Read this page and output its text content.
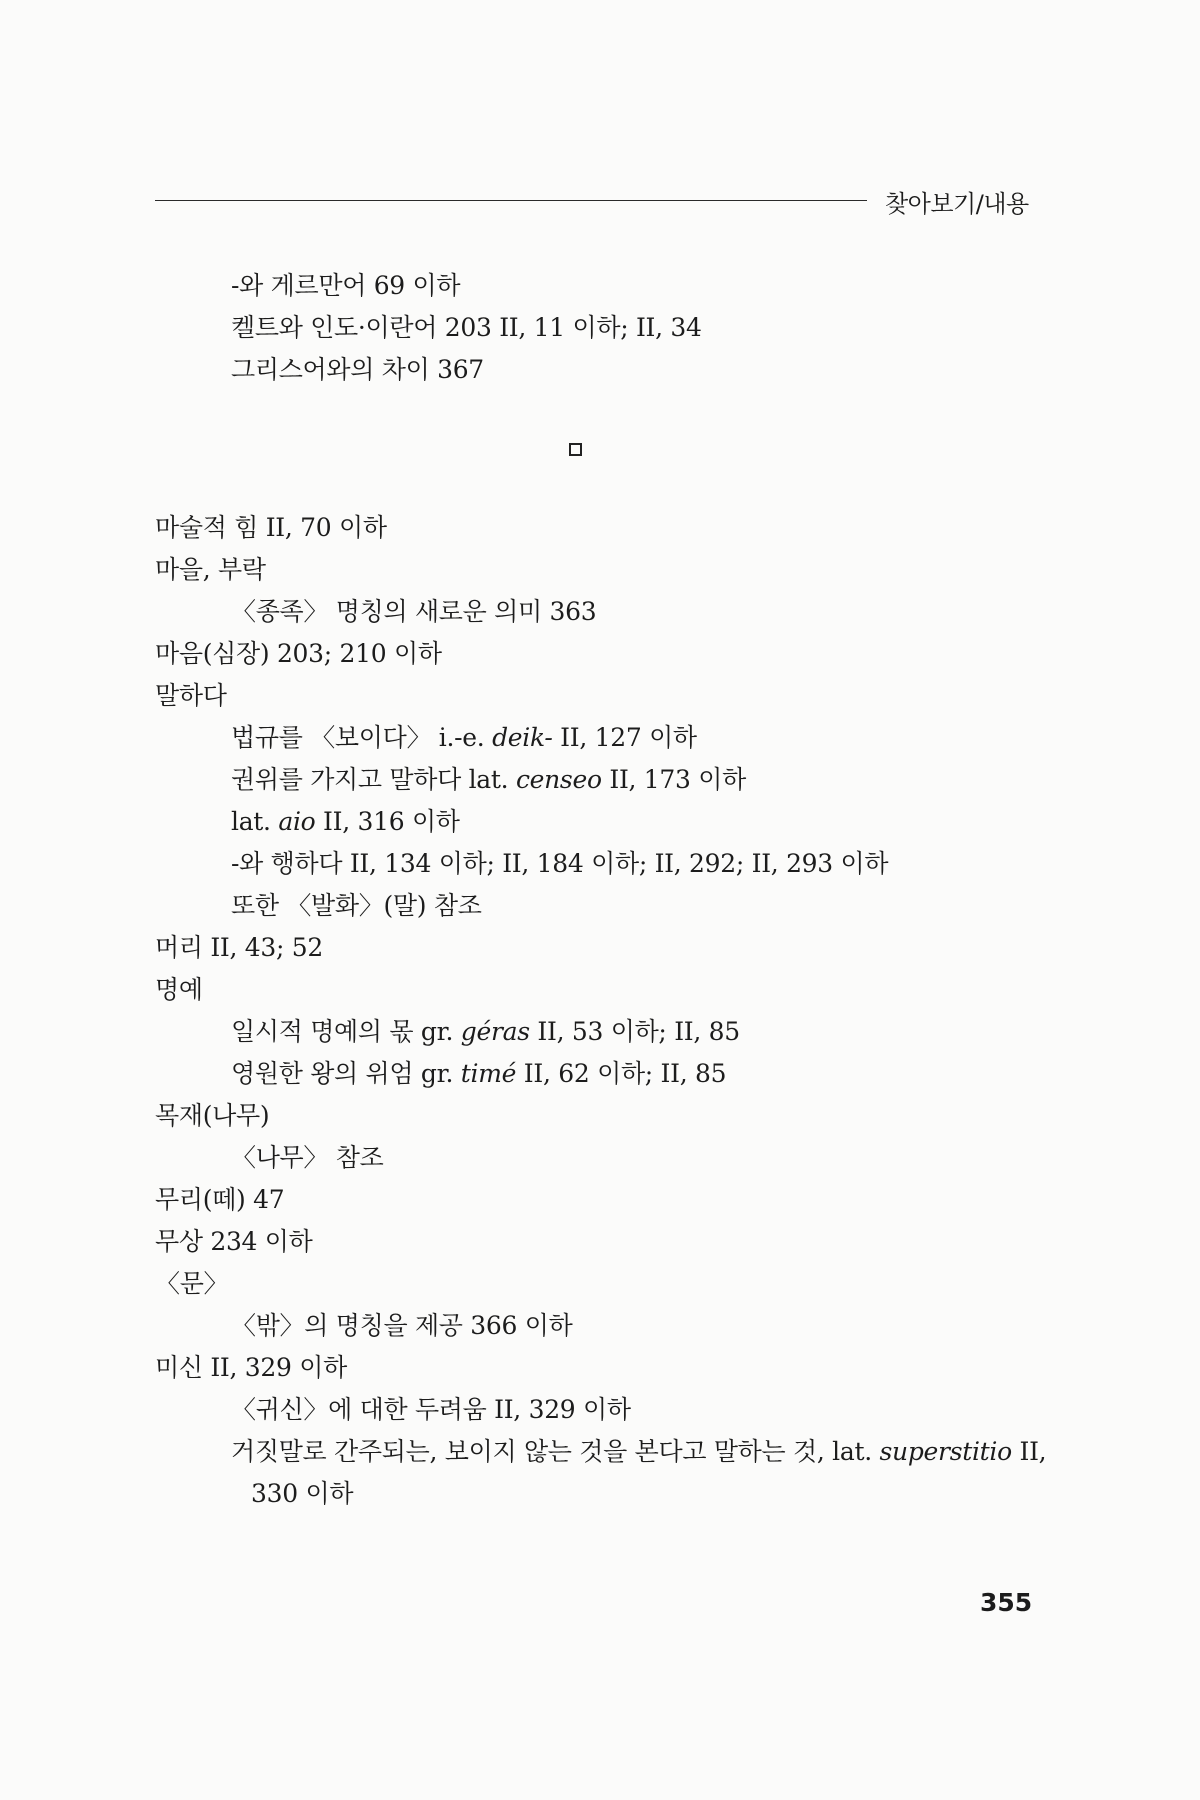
찾아보기/내용
-와 게르만어 69 이하
켈트와 인도·이란어 203 II, 11 이하; II, 34
그리스어와의 차이 367
마술적 힘 II, 70 이하
마을, 부락
〈종족〉 명칭의 새로운 의미 363
마음(심장) 203; 210 이하
말하다
법규를 〈보이다〉 i.-e. deik- II, 127 이하
권위를 가지고 말하다 lat. censeo II, 173 이하
lat. aio II, 316 이하
-와 행하다 II, 134 이하; II, 184 이하; II, 292; II, 293 이하
또한 〈발화〉(말) 참조
머리 II, 43; 52
명예
일시적 명예의 몫 gr. géras II, 53 이하; II, 85
영원한 왕의 위엄 gr. timé II, 62 이하; II, 85
목재(나무)
〈나무〉 참조
무리(떼) 47
무상 234 이하
〈문〉
〈밖〉의 명칭을 제공 366 이하
미신 II, 329 이하
〈귀신〉에 대한 두려움 II, 329 이하
거짓말로 간주되는, 보이지 않는 것을 본다고 말하는 것, lat. superstitio II,
330 이하
355
